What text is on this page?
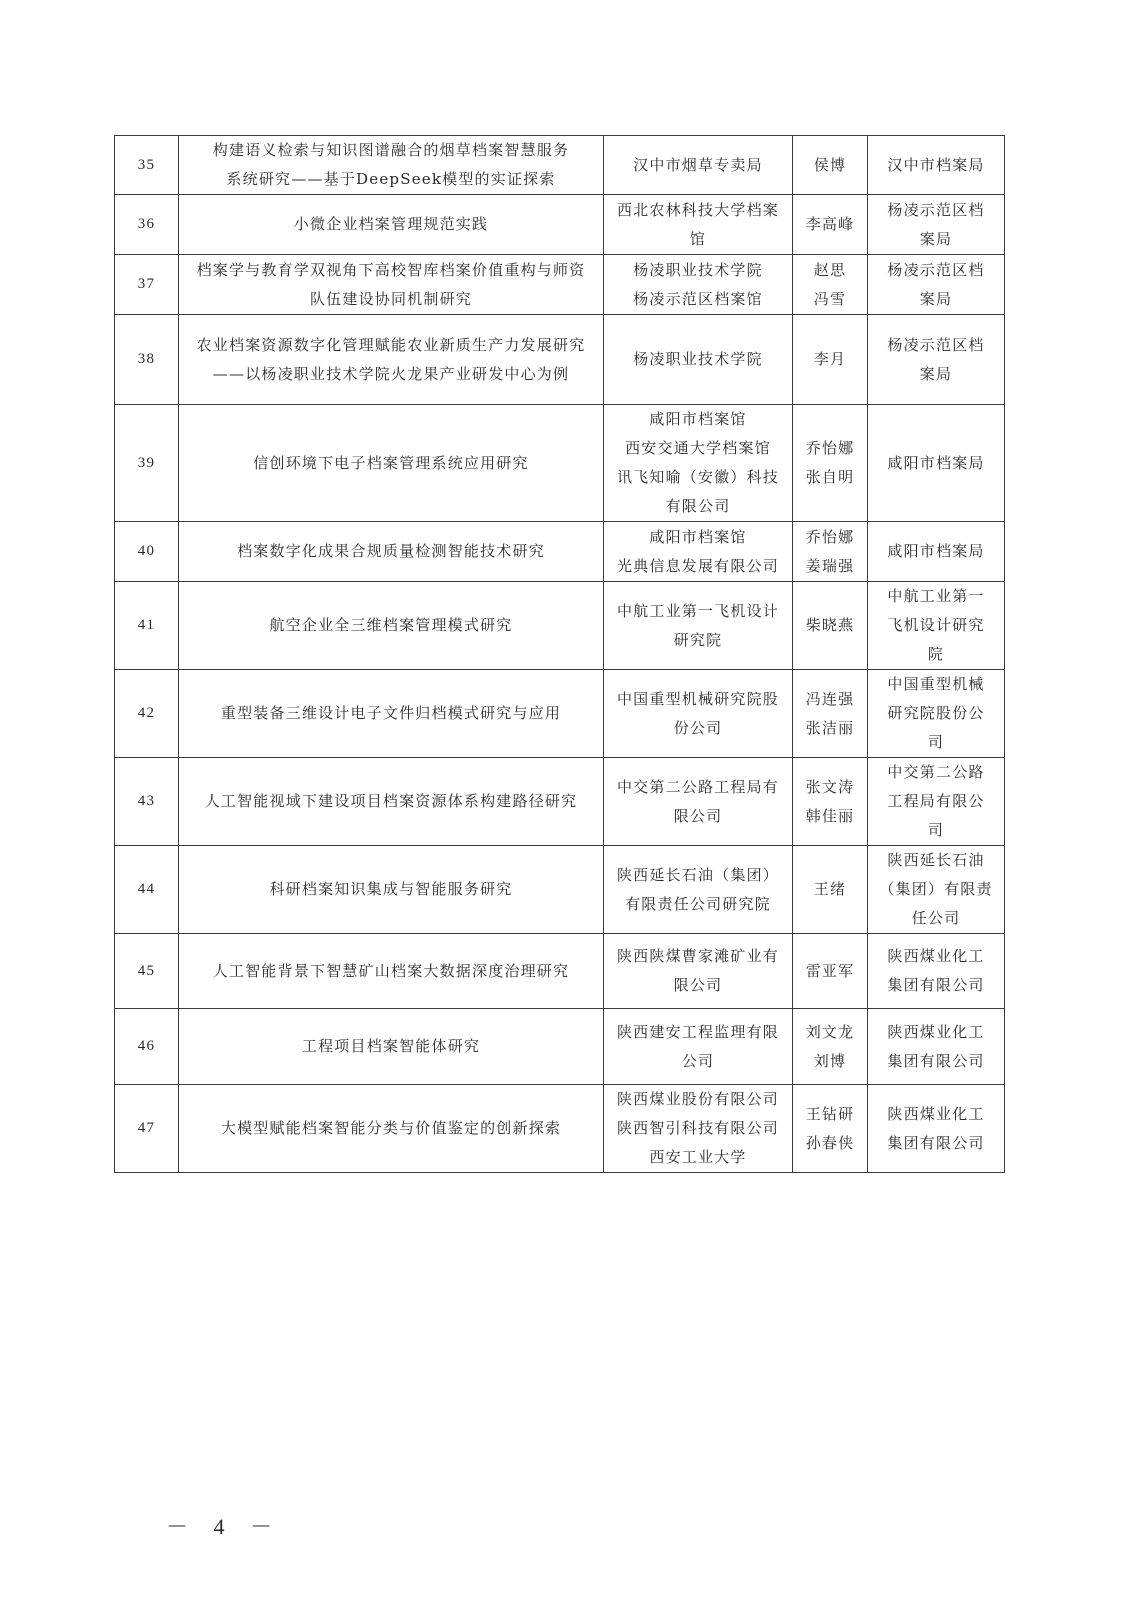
35	构建语义检索与知识图谱融合的烟草档案智慧服务
系统研究——基于DeepSeek模型的实证探索	汉中市烟草专卖局	侯博	汉中市档案局

36	小微企业档案管理规范实践	西北农林科技大学档案
馆	李高峰	杨凌示范区档
案局

37	档案学与教育学双视角下高校智库档案价值重构与师资
队伍建设协同机制研究	杨凌职业技术学院
杨凌示范区档案馆	赵思
冯雪	杨凌示范区档
案局

38	农业档案资源数字化管理赋能农业新质生产力发展研究
——以杨凌职业技术学院火龙果产业研发中心为例	杨凌职业技术学院	李月	杨凌示范区档
案局

39	信创环境下电子档案管理系统应用研究	咸阳市档案馆
西安交通大学档案馆
讯飞知喻（安徽）科技
有限公司	乔怡娜
张自明	咸阳市档案局

40	档案数字化成果合规质量检测智能技术研究	咸阳市档案馆
光典信息发展有限公司	乔怡娜
姜瑞强	咸阳市档案局

41	航空企业全三维档案管理模式研究	中航工业第一飞机设计
研究院	柴晓燕	中航工业第一
飞机设计研究
院

42	重型装备三维设计电子文件归档模式研究与应用	中国重型机械研究院股
份公司	冯连强
张洁丽	中国重型机械
研究院股份公
司

43	人工智能视域下建设项目档案资源体系构建路径研究	中交第二公路工程局有
限公司	张文涛
韩佳丽	中交第二公路
工程局有限公
司

44	科研档案知识集成与智能服务研究	陕西延长石油（集团）
有限责任公司研究院	王绪	陕西延长石油
（集团）有限责
任公司

45	人工智能背景下智慧矿山档案大数据深度治理研究	陕西陕煤曹家滩矿业有
限公司	雷亚军	陕西煤业化工
集团有限公司

46	工程项目档案智能体研究	陕西建安工程监理有限
公司	刘文龙
刘博	陕西煤业化工
集团有限公司

47	大模型赋能档案智能分类与价值鉴定的创新探索	陕西煤业股份有限公司
陕西智引科技有限公司
西安工业大学	王钻研
孙春侠	陕西煤业化工
集团有限公司
－ 4 －
